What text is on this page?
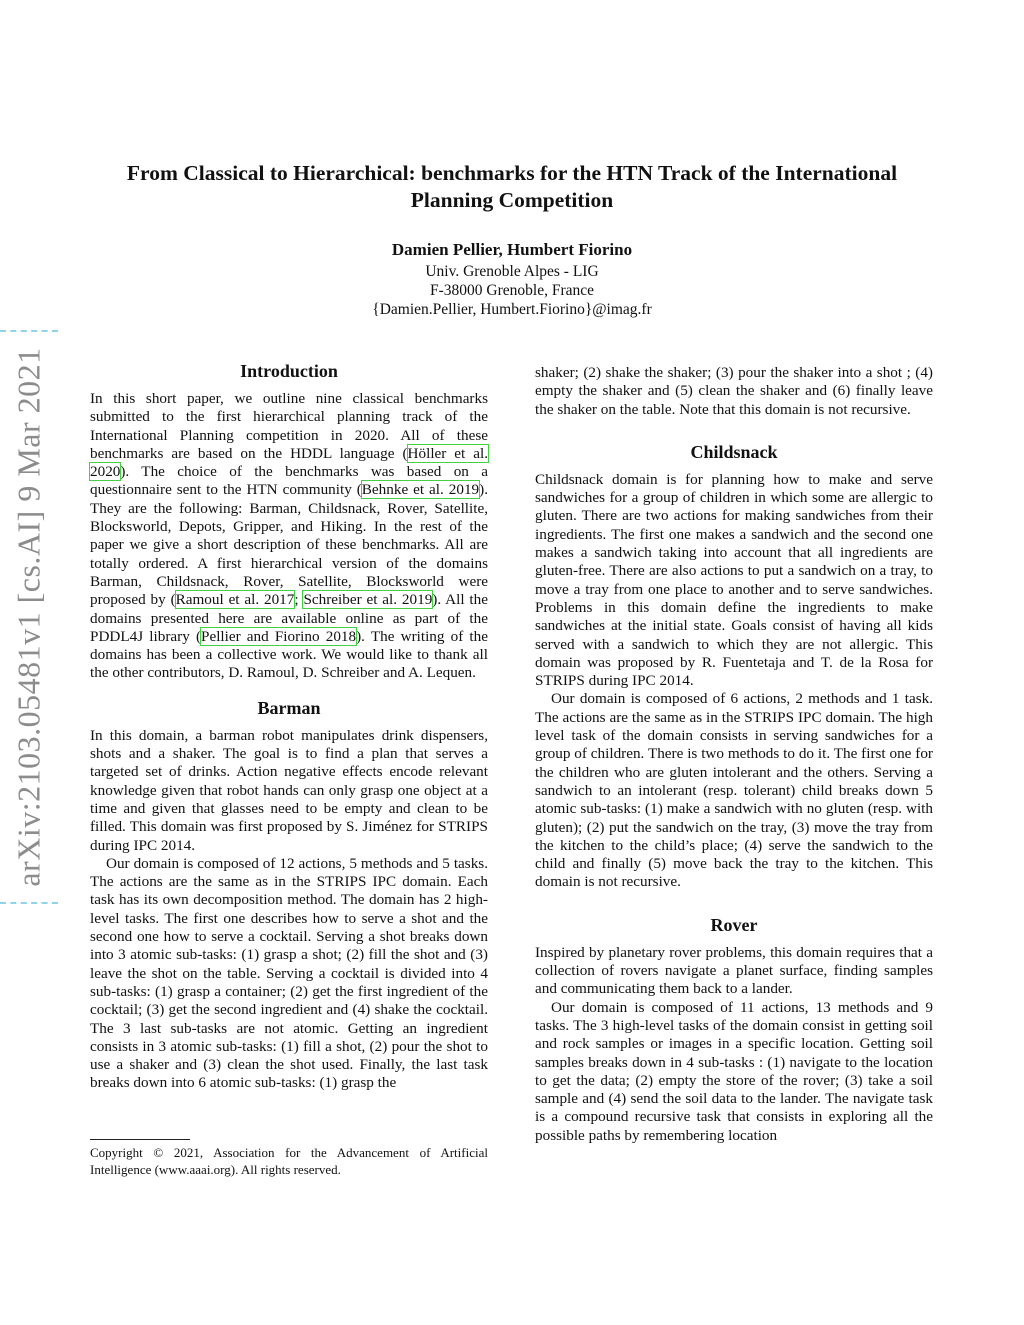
arXiv:2103.05481v1 [cs.AI] 9 Mar 2021
From Classical to Hierarchical: benchmarks for the HTN Track of the International Planning Competition
Damien Pellier, Humbert Fiorino
Univ. Grenoble Alpes - LIG
F-38000 Grenoble, France
{Damien.Pellier, Humbert.Fiorino}@imag.fr
Introduction

In this short paper, we outline nine classical benchmarks submitted to the first hierarchical planning track of the International Planning competition in 2020. All of these benchmarks are based on the HDDL language (Höller et al. 2020). The choice of the benchmarks was based on a questionnaire sent to the HTN community (Behnke et al. 2019). They are the following: Barman, Childsnack, Rover, Satellite, Blocksworld, Depots, Gripper, and Hiking. In the rest of the paper we give a short description of these benchmarks. All are totally ordered. A first hierarchical version of the domains Barman, Childsnack, Rover, Satellite, Blocksworld were proposed by (Ramoul et al. 2017; Schreiber et al. 2019). All the domains presented here are available online as part of the PDDL4J library (Pellier and Fiorino 2018). The writing of the domains has been a collective work. We would like to thank all the other contributors, D. Ramoul, D. Schreiber and A. Lequen.

Barman

In this domain, a barman robot manipulates drink dispensers, shots and a shaker. The goal is to find a plan that serves a targeted set of drinks. Action negative effects encode relevant knowledge given that robot hands can only grasp one object at a time and given that glasses need to be empty and clean to be filled. This domain was first proposed by S. Jiménez for STRIPS during IPC 2014.

Our domain is composed of 12 actions, 5 methods and 5 tasks. The actions are the same as in the STRIPS IPC domain. Each task has its own decomposition method. The domain has 2 high-level tasks. The first one describes how to serve a shot and the second one how to serve a cocktail. Serving a shot breaks down into 3 atomic sub-tasks: (1) grasp a shot; (2) fill the shot and (3) leave the shot on the table. Serving a cocktail is divided into 4 sub-tasks: (1) grasp a container; (2) get the first ingredient of the cocktail; (3) get the second ingredient and (4) shake the cocktail. The 3 last sub-tasks are not atomic. Getting an ingredient consists in 3 atomic sub-tasks: (1) fill a shot, (2) pour the shot to use a shaker and (3) clean the shot used. Finally, the last task breaks down into 6 atomic sub-tasks: (1) grasp the

shaker; (2) shake the shaker; (3) pour the shaker into a shot ; (4) empty the shaker and (5) clean the shaker and (6) finally leave the shaker on the table. Note that this domain is not recursive.

Childsnack

Childsnack domain is for planning how to make and serve sandwiches for a group of children in which some are allergic to gluten. There are two actions for making sandwiches from their ingredients. The first one makes a sandwich and the second one makes a sandwich taking into account that all ingredients are gluten-free. There are also actions to put a sandwich on a tray, to move a tray from one place to another and to serve sandwiches. Problems in this domain define the ingredients to make sandwiches at the initial state. Goals consist of having all kids served with a sandwich to which they are not allergic. This domain was proposed by R. Fuentetaja and T. de la Rosa for STRIPS during IPC 2014.

Our domain is composed of 6 actions, 2 methods and 1 task. The actions are the same as in the STRIPS IPC domain. The high level task of the domain consists in serving sandwiches for a group of children. There is two methods to do it. The first one for the children who are gluten intolerant and the others. Serving a sandwich to an intolerant (resp. tolerant) child breaks down 5 atomic sub-tasks: (1) make a sandwich with no gluten (resp. with gluten); (2) put the sandwich on the tray, (3) move the tray from the kitchen to the child’s place; (4) serve the sandwich to the child and finally (5) move back the tray to the kitchen. This domain is not recursive.

Rover

Inspired by planetary rover problems, this domain requires that a collection of rovers navigate a planet surface, finding samples and communicating them back to a lander.

Our domain is composed of 11 actions, 13 methods and 9 tasks. The 3 high-level tasks of the domain consist in getting soil and rock samples or images in a specific location. Getting soil samples breaks down in 4 sub-tasks : (1) navigate to the location to get the data; (2) empty the store of the rover; (3) take a soil sample and (4) send the soil data to the lander. The navigate task is a compound recursive task that consists in exploring all the possible paths by remembering location

Copyright © 2021, Association for the Advancement of Artificial Intelligence (www.aaai.org). All rights reserved.
